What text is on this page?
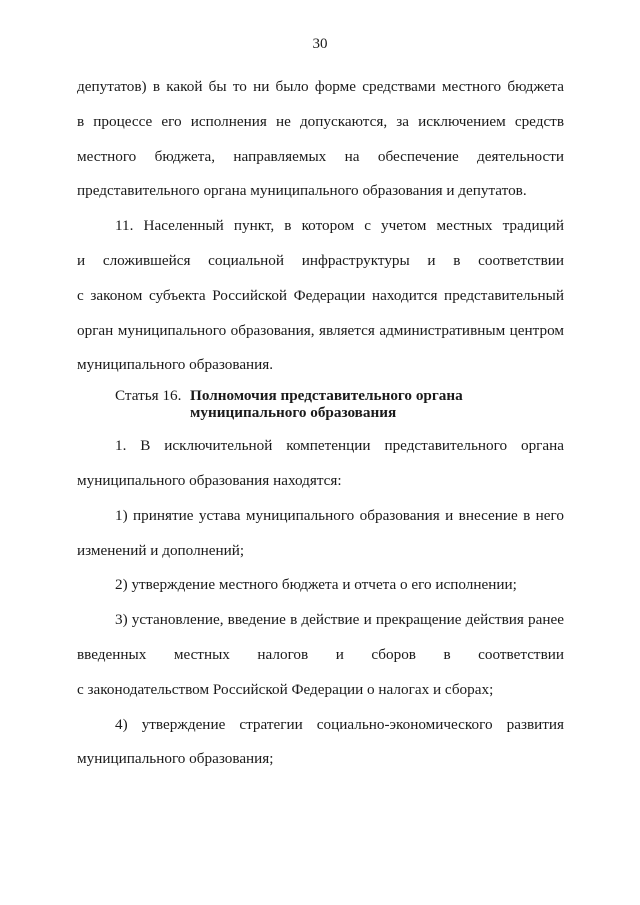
30
депутатов) в какой бы то ни было форме средствами местного бюджета
в процессе его исполнения не допускаются, за исключением средств
местного бюджета, направляемых на обеспечение деятельности
представительного органа муниципального образования и депутатов.
11. Населенный пункт, в котором с учетом местных традиций
и сложившейся социальной инфраструктуры и в соответствии
с законом субъекта Российской Федерации находится представительный
орган муниципального образования, является административным центром
муниципального образования.
Статья 16. Полномочия представительного органа
муниципального образования
1. В исключительной компетенции представительного органа
муниципального образования находятся:
1) принятие устава муниципального образования и внесение в него
изменений и дополнений;
2) утверждение местного бюджета и отчета о его исполнении;
3) установление, введение в действие и прекращение действия ранее
введенных местных налогов и сборов в соответствии
с законодательством Российской Федерации о налогах и сборах;
4) утверждение стратегии социально-экономического развития
муниципального образования;
